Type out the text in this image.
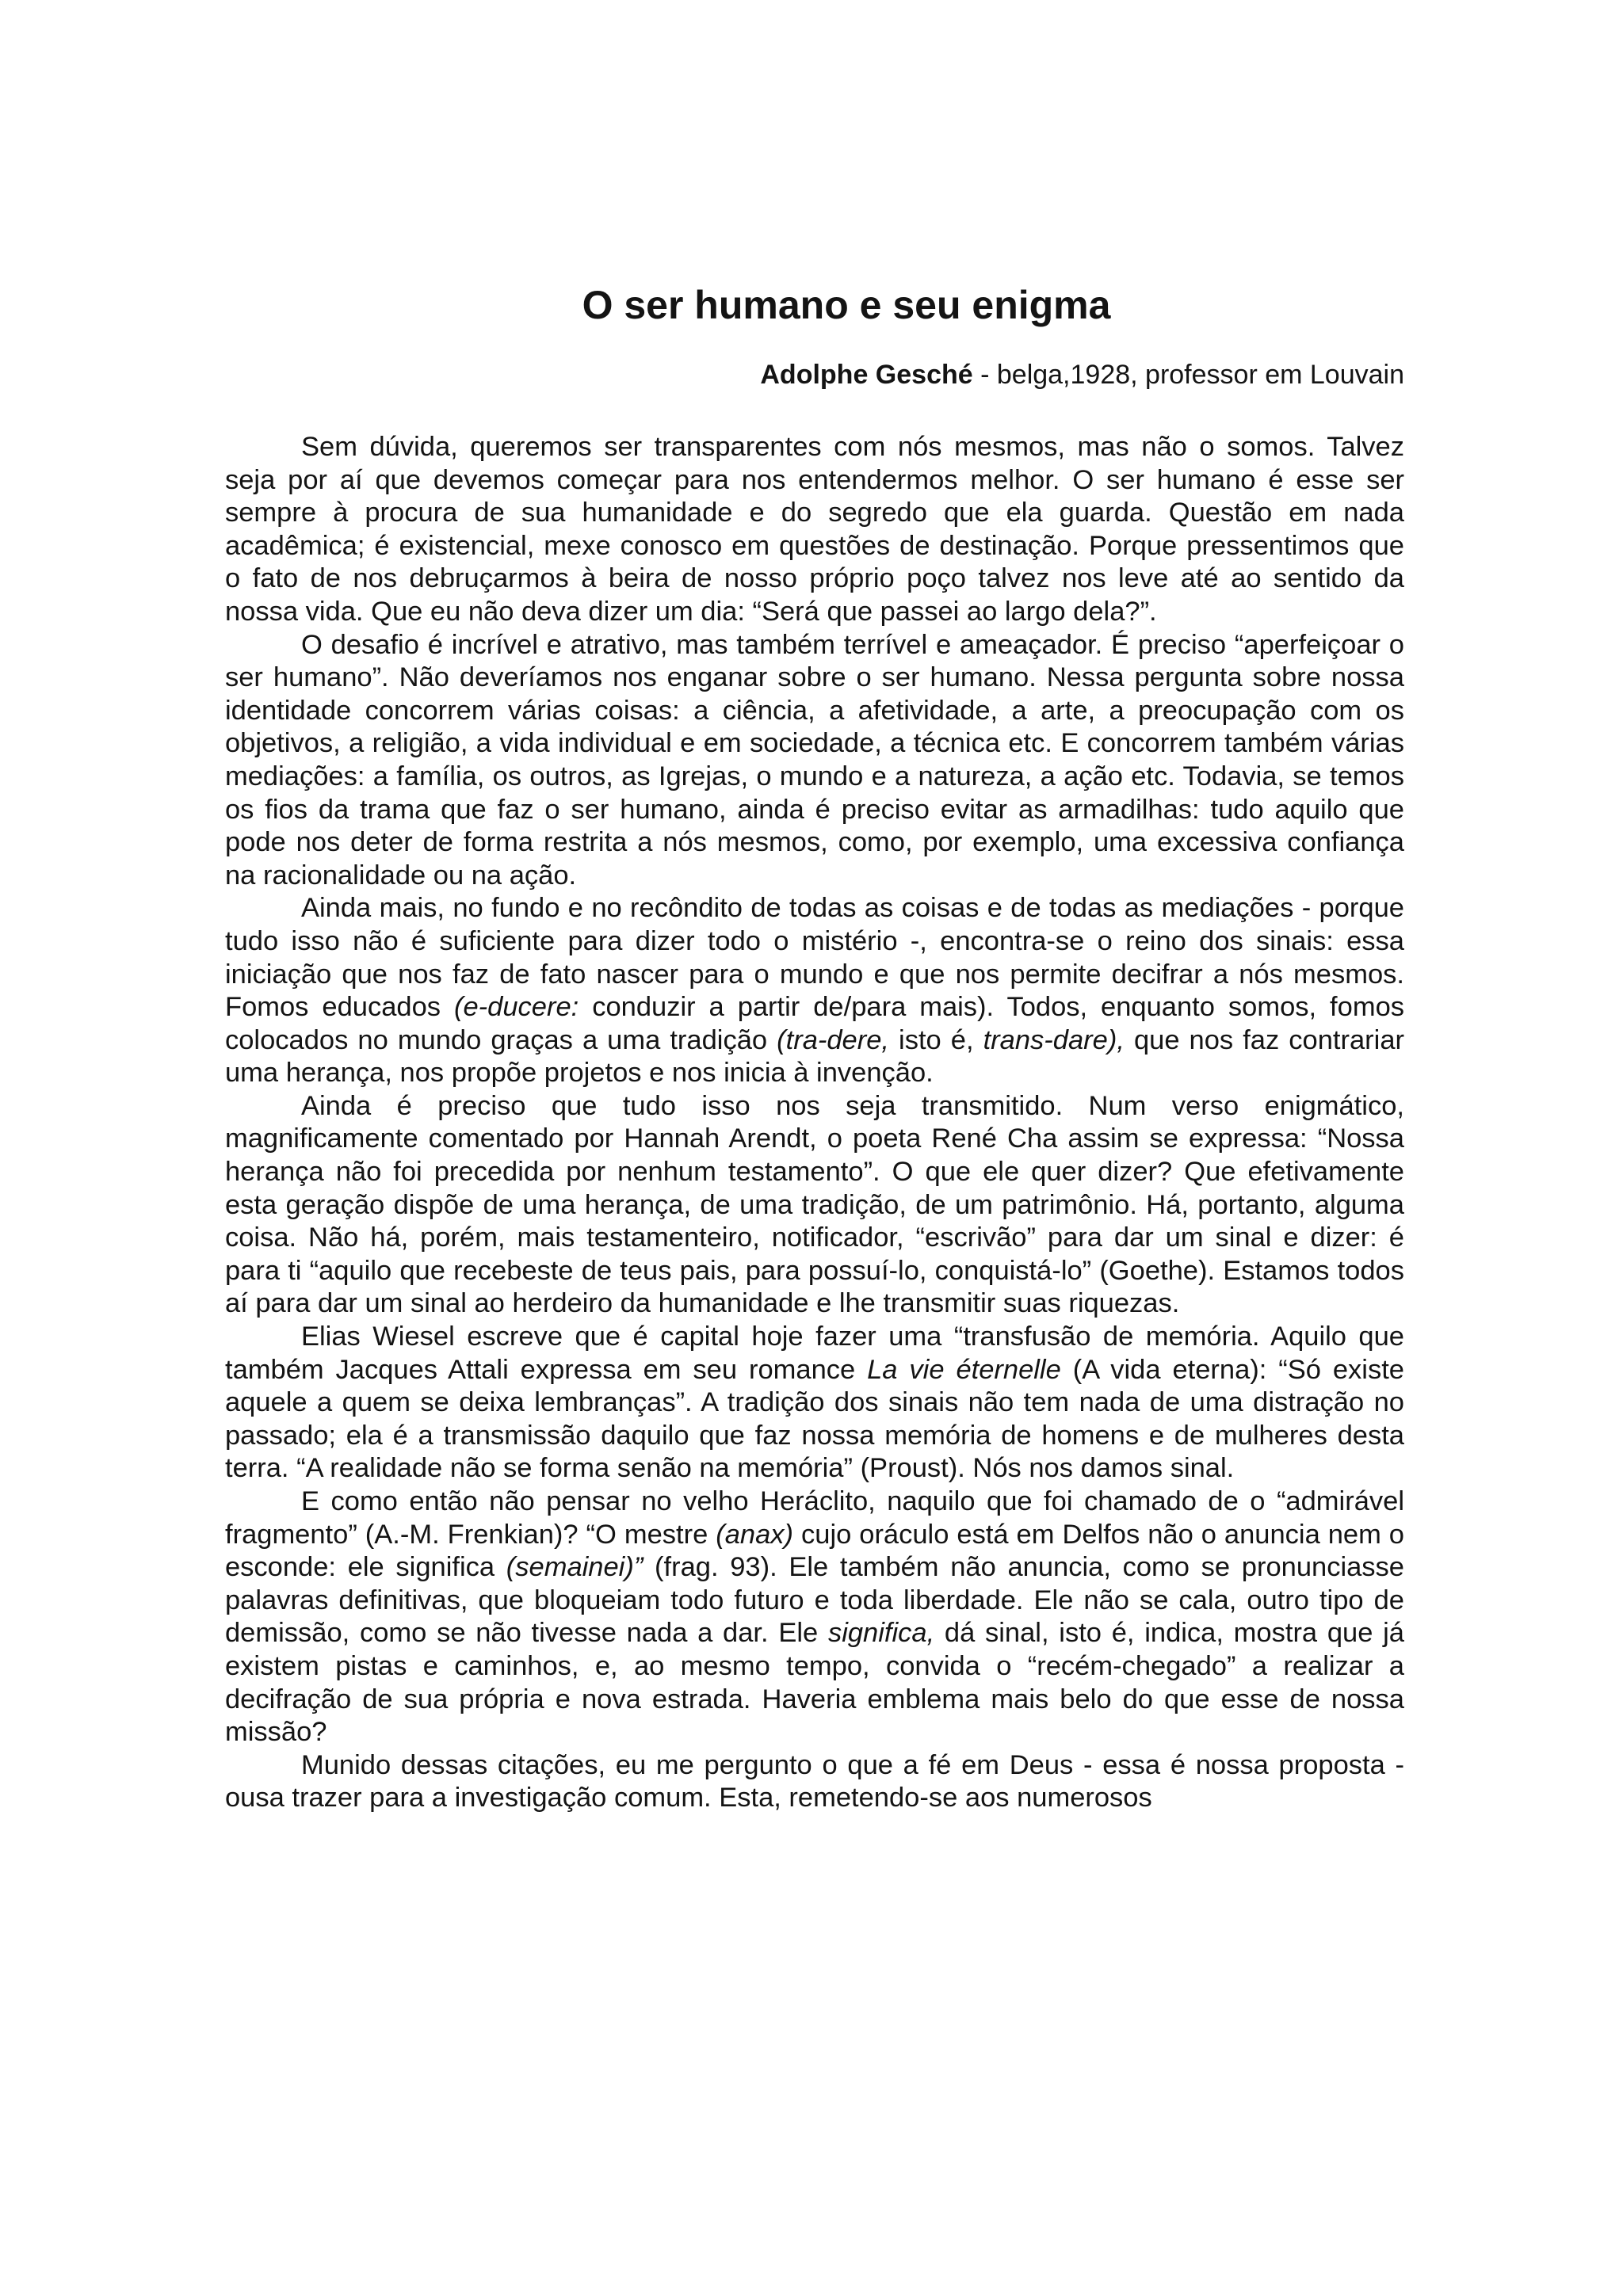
O ser humano e seu enigma

Adolphe Gesché - belga,1928, professor em Louvain

Sem dúvida, queremos ser transparentes com nós mesmos, mas não o somos. Talvez seja por aí que devemos começar para nos entendermos melhor. O ser humano é esse ser sempre à procura de sua humanidade e do segredo que ela guarda. Questão em nada acadêmica; é existencial, mexe conosco em questões de destinação. Porque pressentimos que o fato de nos debruçarmos à beira de nosso próprio poço talvez nos leve até ao sentido da nossa vida. Que eu não deva dizer um dia: “Será que passei ao largo dela?”.

O desafio é incrível e atrativo, mas também terrível e ameaçador. É preciso “aperfeiçoar o ser humano”. Não deveríamos nos enganar sobre o ser humano. Nessa pergunta sobre nossa identidade concorrem várias coisas: a ciência, a afetividade, a arte, a preocupação com os objetivos, a religião, a vida individual e em sociedade, a técnica etc. E concorrem também várias mediações: a família, os outros, as Igrejas, o mundo e a natureza, a ação etc. Todavia, se temos os fios da trama que faz o ser humano, ainda é preciso evitar as armadilhas: tudo aquilo que pode nos deter de forma restrita a nós mesmos, como, por exemplo, uma excessiva confiança na racionalidade ou na ação.

Ainda mais, no fundo e no recôndito de todas as coisas e de todas as mediações - porque tudo isso não é suficiente para dizer todo o mistério -, encontra-se o reino dos sinais: essa iniciação que nos faz de fato nascer para o mundo e que nos permite decifrar a nós mesmos. Fomos educados (e-ducere: conduzir a partir de/para mais). Todos, enquanto somos, fomos colocados no mundo graças a uma tradição (tra-dere, isto é, trans-dare), que nos faz contrariar uma herança, nos propõe projetos e nos inicia à invenção.

Ainda é preciso que tudo isso nos seja transmitido. Num verso enigmático, magnificamente comentado por Hannah Arendt, o poeta René Cha assim se expressa: “Nossa herança não foi precedida por nenhum testamento”. O que ele quer dizer? Que efetivamente esta geração dispõe de uma herança, de uma tradição, de um patrimônio. Há, portanto, alguma coisa. Não há, porém, mais testamenteiro, notificador, “escrivão” para dar um sinal e dizer: é para ti “aquilo que recebeste de teus pais, para possuí-lo, conquistá-lo” (Goethe). Estamos todos aí para dar um sinal ao herdeiro da humanidade e lhe transmitir suas riquezas.

Elias Wiesel escreve que é capital hoje fazer uma “transfusão de memória. Aquilo que também Jacques Attali expressa em seu romance La vie éternelle (A vida eterna): “Só existe aquele a quem se deixa lembranças”. A tradição dos sinais não tem nada de uma distração no passado; ela é a transmissão daquilo que faz nossa memória de homens e de mulheres desta terra. “A realidade não se forma senão na memória” (Proust). Nós nos damos sinal.

E como então não pensar no velho Heráclito, naquilo que foi chamado de o “admirável fragmento” (A.-M. Frenkian)? “O mestre (anax) cujo oráculo está em Delfos não o anuncia nem o esconde: ele significa (semainei)” (frag. 93). Ele também não anuncia, como se pronunciasse palavras definitivas, que bloqueiam todo futuro e toda liberdade. Ele não se cala, outro tipo de demissão, como se não tivesse nada a dar. Ele significa, dá sinal, isto é, indica, mostra que já existem pistas e caminhos, e, ao mesmo tempo, convida o “recém-chegado” a realizar a decifração de sua própria e nova estrada. Haveria emblema mais belo do que esse de nossa missão?

Munido dessas citações, eu me pergunto o que a fé em Deus - essa é nossa proposta - ousa trazer para a investigação comum. Esta, remetendo-se aos numerosos
